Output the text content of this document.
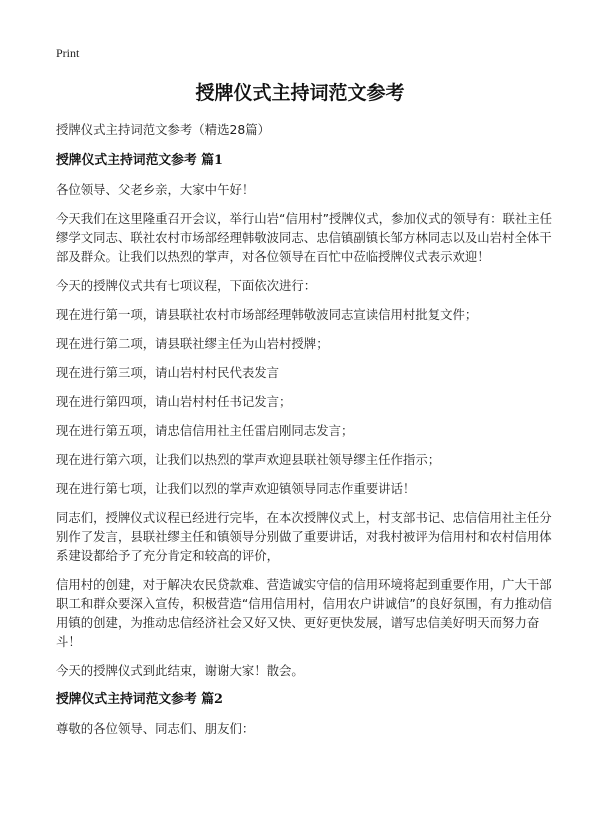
Print
授牌仪式主持词范文参考

授牌仪式主持词范文参考（精选28篇）

授牌仪式主持词范文参考 篇1

各位领导、父老乡亲，大家中午好！

今天我们在这里隆重召开会议，举行山岩“信用村”授牌仪式，参加仪式的领导有：联社主任缪学文同志、联社农村市场部经理韩敬波同志、忠信镇副镇长邹方林同志以及山岩村全体干部及群众。让我们以热烈的掌声，对各位领导在百忙中莅临授牌仪式表示欢迎！

今天的授牌仪式共有七项议程，下面依次进行：

现在进行第一项，请县联社农村市场部经理韩敬波同志宣读信用村批复文件；

现在进行第二项，请县联社缪主任为山岩村授牌；

现在进行第三项，请山岩村村民代表发言

现在进行第四项，请山岩村村任书记发言；

现在进行第五项，请忠信信用社主任雷启刚同志发言；

现在进行第六项，让我们以热烈的掌声欢迎县联社领导缪主任作指示；

现在进行第七项，让我们以烈的掌声欢迎镇领导同志作重要讲话！

同志们，授牌仪式议程已经进行完毕，在本次授牌仪式上，村支部书记、忠信信用社主任分别作了发言，县联社缪主任和镇领导分别做了重要讲话，对我村被评为信用村和农村信用体系建设都给予了充分肯定和较高的评价，

信用村的创建，对于解决农民贷款难、营造诚实守信的信用环境将起到重要作用，广大干部职工和群众要深入宣传，积极营造“信用信用村，信用农户讲诚信”的良好氛围，有力推动信用镇的创建，为推动忠信经济社会又好又快、更好更快发展，谱写忠信美好明天而努力奋斗！

今天的授牌仪式到此结束，谢谢大家！散会。

授牌仪式主持词范文参考 篇2

尊敬的各位领导、同志们、朋友们：
